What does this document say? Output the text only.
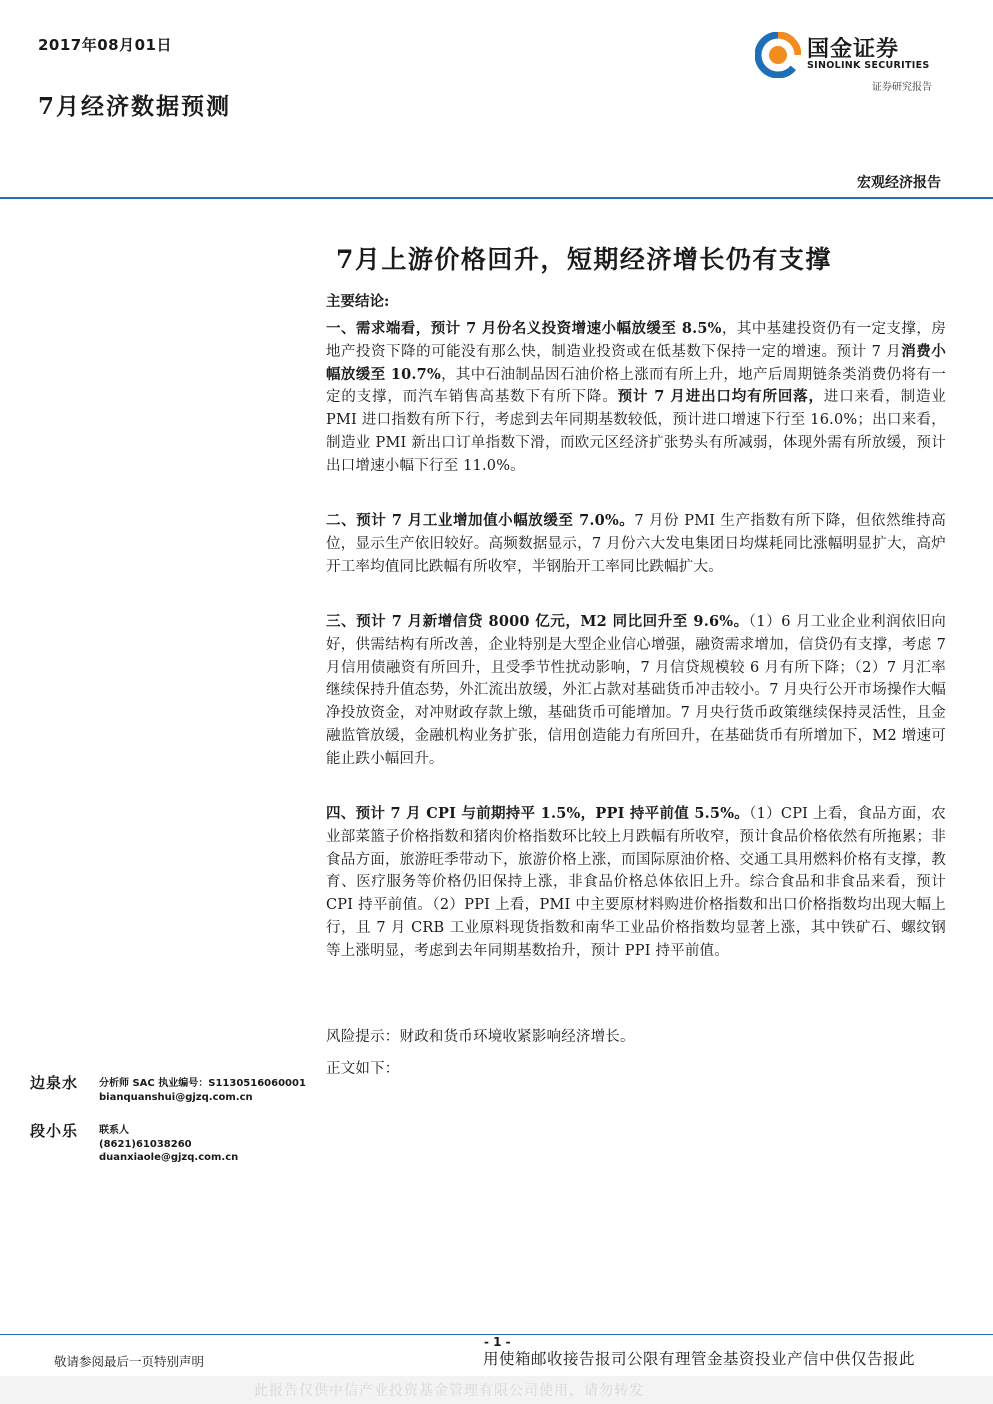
2017年08月01日
7月经济数据预测
国金证券
SINOLINK SECURITIES
证券研究报告
宏观经济报告
7月上游价格回升，短期经济增长仍有支撑
主要结论:
一、需求端看，预计 7 月份名义投资增速小幅放缓至 8.5%，其中基建投资仍有一定支撑，房地产投资下降的可能没有那么快，制造业投资或在低基数下保持一定的增速。预计 7 月消费小幅放缓至 10.7%，其中石油制品因石油价格上涨而有所上升，地产后周期链条类消费仍将有一定的支撑，而汽车销售高基数下有所下降。预计 7 月进出口均有所回落，进口来看，制造业 PMI 进口指数有所下行，考虑到去年同期基数较低，预计进口增速下行至 16.0%；出口来看，制造业 PMI 新出口订单指数下滑，而欧元区经济扩张势头有所减弱，体现外需有所放缓，预计出口增速小幅下行至 11.0%。
二、预计 7 月工业增加值小幅放缓至 7.0%。7 月份 PMI 生产指数有所下降，但依然维持高位，显示生产依旧较好。高频数据显示，7 月份六大发电集团日均煤耗同比涨幅明显扩大，高炉开工率均值同比跌幅有所收窄，半钢胎开工率同比跌幅扩大。
三、预计 7 月新增信贷 8000 亿元，M2 同比回升至 9.6%。（1）6 月工业企业利润依旧向好，供需结构有所改善，企业特别是大型企业信心增强，融资需求增加，信贷仍有支撑，考虑 7 月信用债融资有所回升，且受季节性扰动影响，7 月信贷规模较 6 月有所下降；（2）7 月汇率继续保持升值态势，外汇流出放缓，外汇占款对基础货币冲击较小。7 月央行公开市场操作大幅净投放资金，对冲财政存款上缴，基础货币可能增加。7 月央行货币政策继续保持灵活性，且金融监管放缓，金融机构业务扩张，信用创造能力有所回升，在基础货币有所增加下，M2 增速可能止跌小幅回升。
四、预计 7 月 CPI 与前期持平 1.5%，PPI 持平前值 5.5%。（1）CPI 上看，食品方面，农业部菜篮子价格指数和猪肉价格指数环比较上月跌幅有所收窄，预计食品价格依然有所拖累；非食品方面，旅游旺季带动下，旅游价格上涨，而国际原油价格、交通工具用燃料价格有支撑，教育、医疗服务等价格仍旧保持上涨，非食品价格总体依旧上升。综合食品和非食品来看，预计 CPI 持平前值。（2）PPI 上看，PMI 中主要原材料购进价格指数和出口价格指数均出现大幅上行，且 7 月 CRB 工业原料现货指数和南华工业品价格指数均显著上涨，其中铁矿石、螺纹钢等上涨明显，考虑到去年同期基数抬升，预计 PPI 持平前值。
风险提示：财政和货币环境收紧影响经济增长。
正文如下：
边泉水 分析师 SAC 执业编号：S1130516060001
bianquanshui@gjzq.com.cn
段小乐 联系人
(8621)61038260
duanxiaole@gjzq.com.cn
- 1 -
敬请参阅最后一页特别声明	用使箱邮收接告报司公限有理管金基资投业产信中供仅告报此
此报告仅供中信产业投资基金管理有限公司使用，请勿转发
